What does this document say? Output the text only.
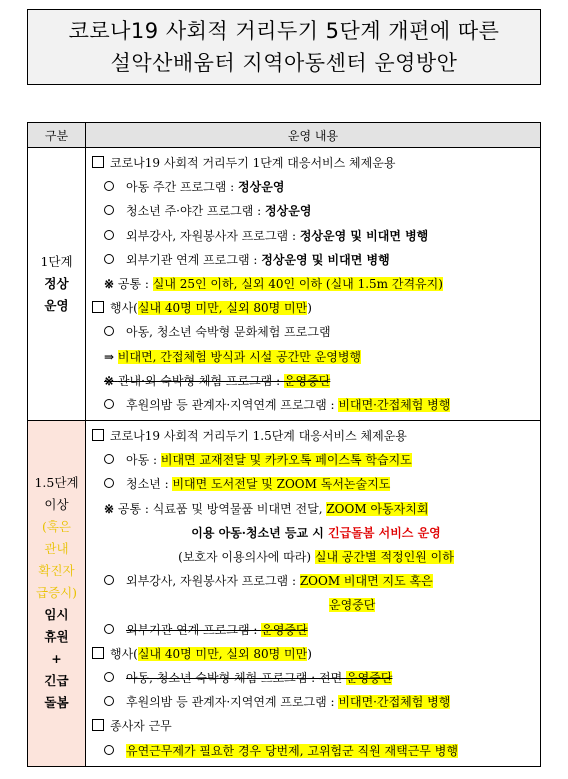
코로나19 사회적 거리두기 5단계 개편에 따른
설악산배움터 지역아동센터 운영방안
구분	운영 내용
1단계
정상
운영
코로나19 사회적 거리두기 1단계 대응서비스 체제운용
아동 주간 프로그램 : 정상운영
청소년 주·야간 프로그램 : 정상운영
외부강사, 자원봉사자 프로그램 : 정상운영 및 비대면 병행
외부기관 연계 프로그램 : 정상운영 및 비대면 병행
※ 공통 : 실내 25인 이하, 실외 40인 이하 (실내 1.5m 간격유지)
행사(실내 40명 미만, 실외 80명 미만)
아동, 청소년 숙박형 문화체험 프로그램
⇒ 비대면, 간접체험 방식과 시설 공간만 운영병행
※ 관내·외 숙박형 체험 프로그램 : 운영중단
후원의밤 등 관계자·지역연계 프로그램 : 비대면·간접체험 병행
1.5단계
이상
(혹은
관내
확진자
급증시)
임시
휴원
+
긴급
돌봄
코로나19 사회적 거리두기 1.5단계 대응서비스 체제운용
아동 : 비대면 교재전달 및 카카오톡 페이스톡 학습지도
청소년 : 비대면 도서전달 및 ZOOM 독서논술지도
※ 공통 : 식료품 및 방역물품 비대면 전달, ZOOM 아동자치회
이용 아동·청소년 등교 시 긴급돌봄 서비스 운영
(보호자 이용의사에 따라) 실내 공간별 적정인원 이하
외부강사, 자원봉사자 프로그램 : ZOOM 비대면 지도 혹은
운영중단
외부기관 연계 프로그램 : 운영중단
행사(실내 40명 미만, 실외 80명 미만)
아동, 청소년 숙박형 체험 프로그램 : 전면 운영중단
후원의밤 등 관계자·지역연계 프로그램 : 비대면·간접체험 병행
종사자 근무
유연근무제가 필요한 경우 당번제, 고위험군 직원 재택근무 병행
